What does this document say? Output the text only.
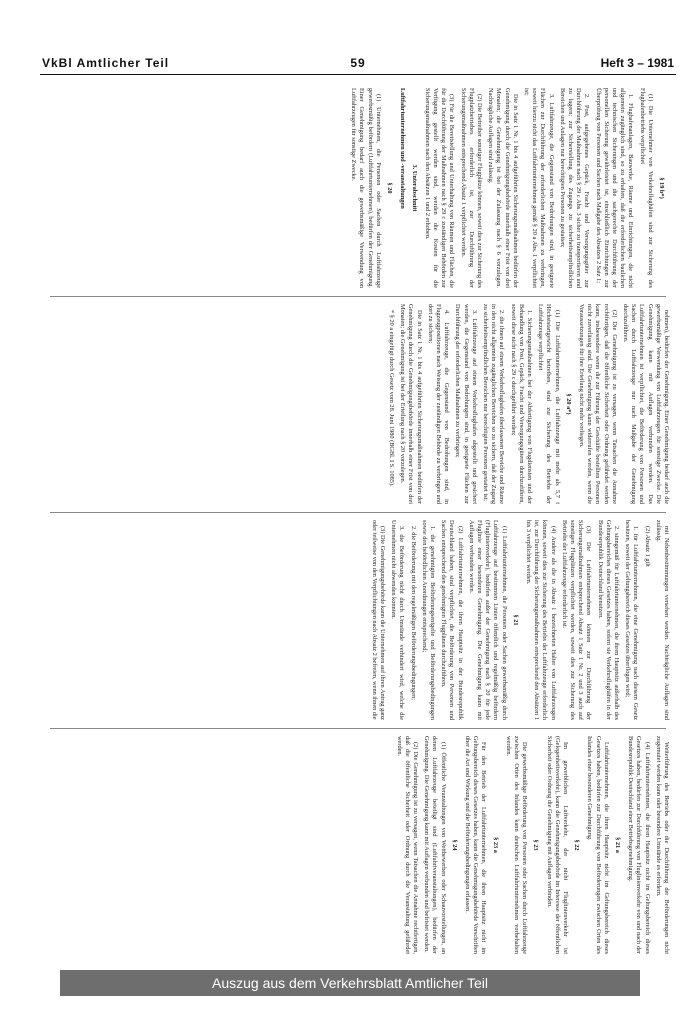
VkBl Amtlicher Teil	59	Heft 3 – 1981

§ 19 b*)

(1) Die Unternehmer von Verkehrsflughäfen sind zur Sicherung des Flughafenbetriebs verpflichtet

1. Flughafenanlagen, Bauwerke, Räume und Einrichtungen, die nicht allgemein zugänglich sind, so zu erhalten, daß die erforderlichen baulichen und technischen Sicherungen und die sachgerechte Durchführung der personellen Sicherung gewährleistet ist, einschließlich Einrichtungen zur Überprüfung von Personen und Sachen nach Maßgabe des Absatzes 2 Satz 1;

2. Post, aufgegebenes Gepäck, Fracht und Versorgungsgüter zur Durchführung der Maßnahmen nach § 29 c Abs. 3 sicher zu transportieren und zu lagern; zur Sicherstellung des Zugangs zu sicherheitsempfindlichen Bereichen und Anlagen nur berechtigten Personen zu gestatten;

3. Luftfahrzeuge, die Gegenstand von Bedrohungen sind, in geeignete Flächen zur Durchführung der erforderlichen Maßnahmen zu verbringen, soweit hierzu nicht das Luftfahrtunternehmen gemäß § 20 a Abs. 1 verpflichtet ist;

Die in Satz 1 Nr. 1 bis 4 aufgeführten Sicherungsmaßnahmen bedürfen der Genehmigung durch die Genehmigungsbehörde innerhalb einer Frist von drei Monaten; die Genehmigung ist bei der Zulassung nach § 6 vorzulegen. Nachträgliche Auflagen sind zulässig.

(2) Die Betreiber sonstiger Flugplätze können, soweit dies zur Sicherung des Flugplatzbetriebes erforderlich ist, zur Durchführung der Sicherungsmaßnahmen entsprechend Absatz 1 verpflichtet werden.

(3) Für die Bereitstellung und Unterhaltung von Räumen und Flächen, die für die Durchführung der Maßnahmen nach § 29 c zuständigen Behörden zur Verfügung gestellt werden sind, werden die Kosten für die Sicherungsmaßnahmen nach den Absätzen 1 und 2 erhoben.

3. Unterabschnitt

Luftfahrtunternehmen und -veranstaltungen

§ 20

(1) Unternehmen, die Personen oder Sachen durch Luftfahrzeuge gewerbsmäßig befördern (Luftfahrtunternehmen), bedürfen der Genehmigung. Einer Genehmigung bedarf auch die gewerbsmäßige Verwendung von Luftfahrzeugen für sonstige Zwecke.

nehmen), bedürfen der Genehmigung. Einer Genehmigung bedarf auch die gewerbsmäßige Verwendung von Luftfahrzeugen für sonstige Zwecke. Die Genehmigung kann mit Auflagen verbunden werden. Das Luftfahrtunternehmen ist verpflichtet, die Beförderung von Personen und Sachen durch Luftfahrzeuge nur nach Maßgabe der Genehmigung durchzuführen.

(2) Die Genehmigung ist zu versagen, wenn Tatsachen die Annahme rechtfertigen, daß die öffentliche Sicherheit oder Ordnung gefährdet werden kann, insbesondere wenn die zur Führung der Geschäfte bestellten Personen nicht zuverlässig sind. Die Genehmigung kann widerrufen werden, wenn die Voraussetzungen für ihre Erteilung nicht mehr vorliegen.

§ 20 a*)

(1) Die Luftfahrtunternehmen, die Luftfahrzeuge mit mehr als 5,7 t Höchststartgewicht betreiben, sind zur Sicherung des Betriebs der Luftfahrzeuge verpflichtet

1. Sicherungsmaßnahmen bei der Abfertigung von Flugdiensten und der Behandlung von Post, Gepäck, Fracht und Versorgungsgütern durchzuführen, soweit diese nicht nach § 29 c durchgeführt werden;

2. die ihnen auf einem Verkehrsflughafen überlassenen Bereiche und Räume in den nicht allgemein zugänglichen Bereichen so zu sichern, daß der Zugang zu sicherheitsempfindlichen Bereichen nur berechtigten Personen gestattet ist;

3. Luftfahrzeuge auf einem Verkehrsflughafen abgestellt und gesichert werden, die Gegenstand von Bedrohungen sind, in geeignete Flächen zur Durchführung der erforderlichen Maßnahmen zu verbringen;

4. Luftfahrzeuge, die Gegenstand von Bedrohungen sind, in Flugzeugpositionen nach Weisung der zuständigen Behörde zu verbringen und dort zu sichern;

Die in Satz 1 Nr. 1 bis 4 aufgeführten Sicherungsmaßnahmen bedürfen der Genehmigung durch die Genehmigungsbehörde innerhalb einer Frist von drei Monaten; die Genehmigung ist bei der Erteilung nach § 20 vorzulegen.

* § 20 a eingefügt durch Gesetz vom 28. Juni 1980 (BGBl. I S. 1085).

mit Nebenbestimmungen versehen werden. Nachträgliche Auflagen sind zulässig.

(2) Absatz 1 gilt

1. für Luftfahrtunternehmen, die eine Genehmigung nach diesem Gesetz besitzen, soweit der Geltungsbereich dieses Gesetzes überflogen wird;

2. sinngemäß für Luftfahrtunternehmen, die ihren Hauptsitz außerhalb des Geltungsbereiches dieses Gesetzes haben, sofern sie Verkehrsflughäfen in der Bundesrepublik Deutschland benutzen.

(3) Die Luftfahrtunternehmen können zur Durchführung der Sicherungsmaßnahmen entsprechend Absatz 1 Satz 1 Nr. 2 und 3 auch auf sonstigen Flugplätzen verpflichtet werden, soweit dies zur Sicherung des Betriebs der Luftfahrzeuge erforderlich ist.

(4) Andere als die in Absatz 1 bezeichneten Halter von Luftfahrzeugen können, soweit dies zur Sicherung des Betriebs der Luftfahrzeuge erforderlich ist, zur Durchführung der Sicherungsmaßnahmen entsprechend den Absätzen 1 bis 3 verpflichtet werden.

§ 21

(1) Luftfahrtunternehmen, die Personen oder Sachen gewerbsmäßig durch Luftfahrzeuge auf bestimmten Linien öffentlich und regelmäßig befördern (Fluglinienverkehr), bedürfen außer der Genehmigung nach § 20 für jede Fluglinie einer besonderen Genehmigung. Die Genehmigung kann mit Auflagen verbunden werden.

(2) Luftfahrtunternehmen, die ihren Hauptsitz in der Bundesrepublik Deutschland haben, sind verpflichtet, die Beförderung von Personen und Sachen entsprechend den genehmigten Flugplänen durchzuführen.

1. die genehmigten Beförderungsentgelte und Beförderungsbedingungen sowie den behördlichen Anordnungen entsprechend;

2. die Beförderung mit den regelmäßigen Beförderungsbedingungen;

3. die Beförderung nicht durch Umstände verhindert wird, welche die Unternehmen nicht abwenden konnten.

(3) Die Genehmigungsbehörde kann die Unternehmen auf ihren Antrag ganz oder teilweise von den Verpflichtungen nach Absatz 2 befreien, wenn ihnen die

Weiterführung des Betriebs oder die Durchführung der Beförderungen nicht zugemutet werden kann oder besondere Umstände es erfordern.

(4) Luftfahrtunternehmen, die ihren Hauptsitz nicht im Geltungsbereich dieses Gesetzes haben, bedürfen zur Durchführung von Fluglinienverkehr von und nach der Bundesrepublik Deutschland einer Betriebsgenehmigung.

§ 21 a

Luftfahrtunternehmen, die ihren Hauptsitz nicht im Geltungsbereich dieses Gesetzes haben, bedürfen zur Durchführung von Beförderungen zwischen Orten des Inlandes einer besonderen Genehmigung.

§ 22

Im gewerblichen Luftverkehr, der nicht Fluglinienverkehr ist (Gelegenheitsverkehr), kann die Genehmigungsbehörde im Interesse der öffentlichen Sicherheit oder Ordnung die Genehmigung mit Auflagen verbinden.

§ 23

Die gewerbsmäßige Beförderung von Personen oder Sachen durch Luftfahrzeuge zwischen Orten des Inlandes kann deutschen Luftfahrtunternehmen vorbehalten werden.

§ 23 a

Für den Betrieb der Luftfahrtunternehmen, die ihren Hauptsitz nicht im Geltungsbereich dieses Gesetzes haben, kann die Genehmigungsbehörde Vorschriften über die Art und Wirkung und die Beförderungsbedingungen erlassen.

§ 24

(1) Öffentliche Veranstaltungen von Wettbewerben oder Schauvorstellungen, an denen Luftfahrzeuge beteiligt sind (Luftfahrtveranstaltungen), bedürfen der Genehmigung. Die Genehmigung kann mit Auflagen verbunden und befristet werden.

(2) Die Genehmigung ist zu versagen, wenn Tatsachen die Annahme rechtfertigen, daß die öffentliche Sicherheit oder Ordnung durch die Veranstaltung gefährdet werden.

Auszug aus dem Verkehrsblatt Amtlicher Teil
